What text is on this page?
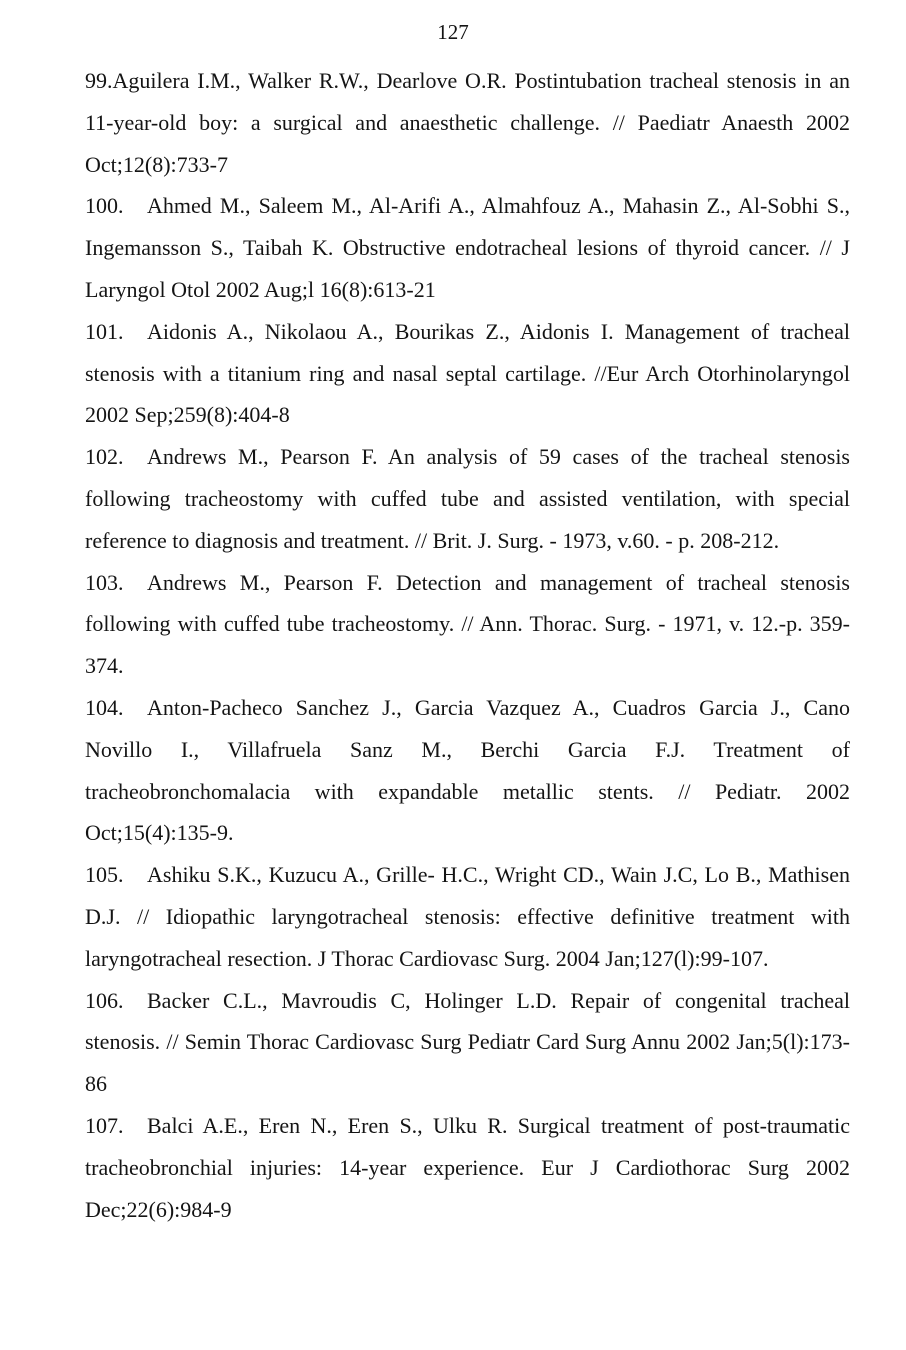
127

99.Aguilera I.M., Walker R.W., Dearlove O.R. Postintubation tracheal stenosis in an 11-year-old boy: a surgical and anaesthetic challenge. // Paediatr Anaesth 2002 Oct;12(8):733-7

100. Ahmed M., Saleem M., Al-Arifi A., Almahfouz A., Mahasin Z., Al-Sobhi S., Ingemansson S., Taibah K. Obstructive endotracheal lesions of thyroid cancer. // J Laryngol Otol 2002 Aug;l 16(8):613-21

101. Aidonis A., Nikolaou A., Bourikas Z., Aidonis I. Management of tracheal stenosis with a titanium ring and nasal septal cartilage. //Eur Arch Otorhinolaryngol 2002 Sep;259(8):404-8

102. Andrews M., Pearson F. An analysis of 59 cases of the tracheal stenosis following tracheostomy with cuffed tube and assisted ventilation, with special reference to diagnosis and treatment. // Brit. J. Surg. - 1973, v.60. - p. 208-212.

103. Andrews M., Pearson F. Detection and management of tracheal stenosis following with cuffed tube tracheostomy. // Ann. Thorac. Surg. - 1971, v. 12.-p. 359-374.

104. Anton-Pacheco Sanchez J., Garcia Vazquez A., Cuadros Garcia J., Cano Novillo I., Villafruela Sanz M., Berchi Garcia F.J. Treatment of tracheobronchomalacia with expandable metallic stents. // Pediatr. 2002 Oct;15(4):135-9.

105. Ashiku S.K., Kuzucu A., Grille- H.C., Wright CD., Wain J.C, Lo B., Mathisen D.J. // Idiopathic laryngotracheal stenosis: effective definitive treatment with laryngotracheal resection. J Thorac Cardiovasc Surg. 2004 Jan;127(l):99-107.

106. Backer C.L., Mavroudis C, Holinger L.D. Repair of congenital tracheal stenosis. // Semin Thorac Cardiovasc Surg Pediatr Card Surg Annu 2002 Jan;5(l):173-86

107. Balci A.E., Eren N., Eren S., Ulku R. Surgical treatment of post-traumatic tracheobronchial injuries: 14-year experience. Eur J Cardiothorac Surg 2002 Dec;22(6):984-9
